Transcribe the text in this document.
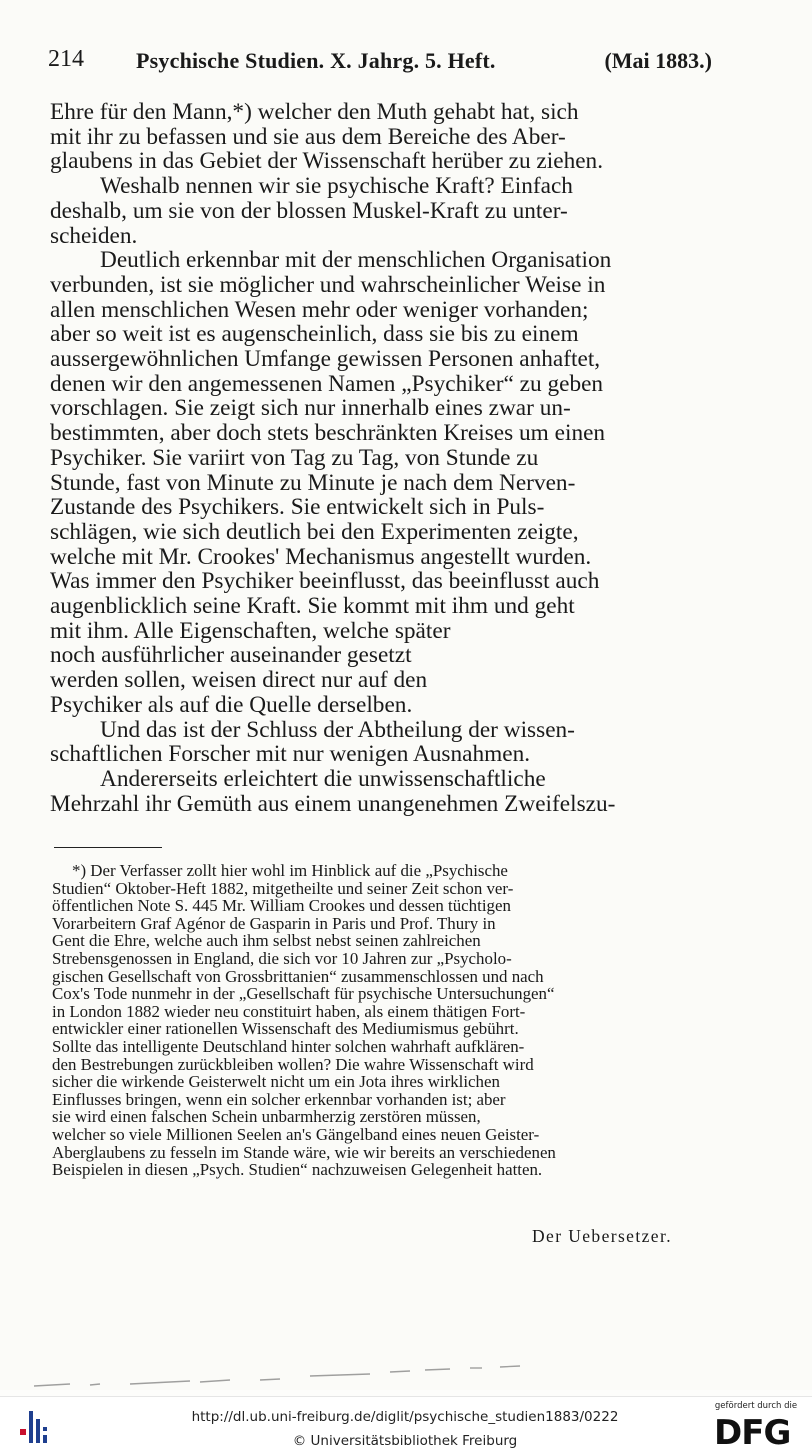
214 Psychische Studien. X. Jahrg. 5. Heft.	(Mai 1883.)

Ehre für den Mann,*) welcher den Muth gehabt hat, sich
mit ihr zu befassen und sie aus dem Bereiche des Aber-
glaubens in das Gebiet der Wissenschaft herüber zu ziehen.

Weshalb nennen wir sie psychische Kraft? Einfach
deshalb, um sie von der blossen Muskel-Kraft zu unter-
scheiden.

Deutlich erkennbar mit der menschlichen Organisation
verbunden, ist sie möglicher und wahrscheinlicher Weise in
allen menschlichen Wesen mehr oder weniger vorhanden;
aber so weit ist es augenscheinlich, dass sie bis zu einem
aussergewöhnlichen Umfange gewissen Personen anhaftet,
denen wir den angemessenen Namen „Psychiker“ zu geben
vorschlagen. Sie zeigt sich nur innerhalb eines zwar un-
bestimmten, aber doch stets beschränkten Kreises um einen
Psychiker. Sie variirt von Tag zu Tag, von Stunde zu
Stunde, fast von Minute zu Minute je nach dem Nerven-
Zustande des Psychikers. Sie entwickelt sich in Puls-
schlägen, wie sich deutlich bei den Experimenten zeigte,
welche mit Mr. Crookes' Mechanismus angestellt wurden.
Was immer den Psychiker beeinflusst, das beeinflusst auch
augenblicklich seine Kraft. Sie kommt mit ihm und geht
mit ihm. Alle Eigenschaften, welche später
noch ausführlicher auseinander gesetzt
werden sollen, weisen direct nur auf den
Psychiker als auf die Quelle derselben.

Und das ist der Schluss der Abtheilung der wissen-
schaftlichen Forscher mit nur wenigen Ausnahmen.

Andererseits erleichtert die unwissenschaftliche
Mehrzahl ihr Gemüth aus einem unangenehmen Zweifelszu-

*) Der Verfasser zollt hier wohl im Hinblick auf die „Psychische
Studien“ Oktober-Heft 1882, mitgetheilte und seiner Zeit schon ver-
öffentlichen Note S. 445 Mr. William Crookes und dessen tüchtigen
Vorarbeitern Graf Agénor de Gasparin in Paris und Prof. Thury in
Gent die Ehre, welche auch ihm selbst nebst seinen zahlreichen
Strebensgenossen in England, die sich vor 10 Jahren zur „Psycholo-
gischen Gesellschaft von Grossbrittanien“ zusammenschlossen und nach
Cox's Tode nunmehr in der „Gesellschaft für psychische Untersuchungen“
in London 1882 wieder neu constituirt haben, als einem thätigen Fort-
entwickler einer rationellen Wissenschaft des Mediumismus gebührt.
Sollte das intelligente Deutschland hinter solchen wahrhaft aufklären-
den Bestrebungen zurückbleiben wollen? Die wahre Wissenschaft wird
sicher die wirkende Geisterwelt nicht um ein Jota ihres wirklichen
Einflusses bringen, wenn ein solcher erkennbar vorhanden ist; aber
sie wird einen falschen Schein unbarmherzig zerstören müssen,
welcher so viele Millionen Seelen an's Gängelband eines neuen Geister-
Aberglaubens zu fesseln im Stande wäre, wie wir bereits an verschiedenen
Beispielen in diesen „Psych. Studien“ nachzuweisen Gelegenheit hatten.

Der Uebersetzer.
http://dl.ub.uni-freiburg.de/diglit/psychische_studien1883/0222
© Universitätsbibliothek Freiburg
gefördert durch die
DFG
